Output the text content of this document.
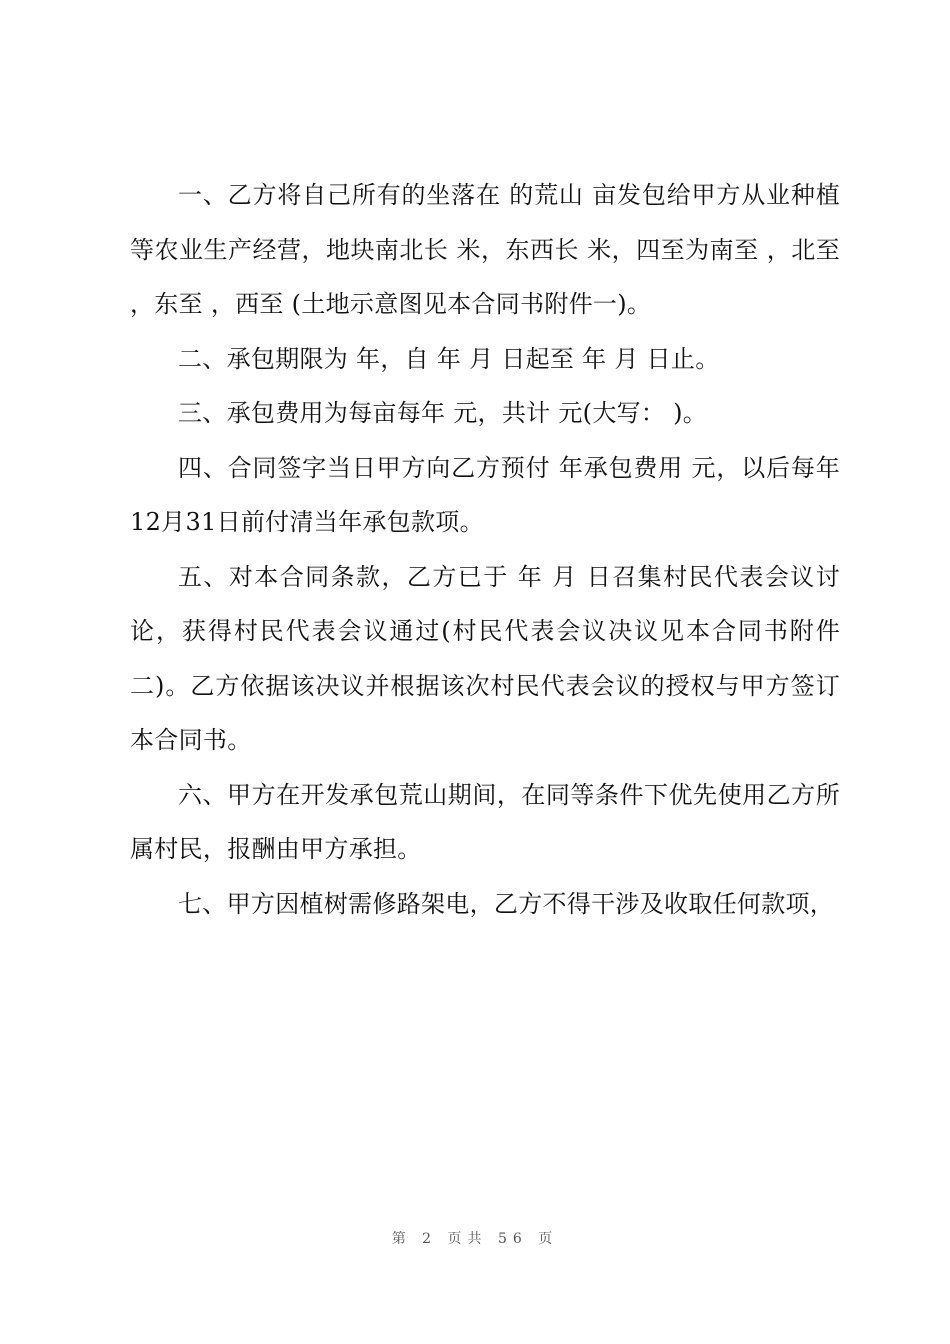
一、乙方将自己所有的坐落在 的荒山 亩发包给甲方从业种植等农业生产经营，地块南北长 米，东西长 米，四至为南至 ，北至 ，东至 ，西至 (土地示意图见本合同书附件一)。

二、承包期限为 年，自 年 月 日起至 年 月 日止。

三、承包费用为每亩每年 元，共计 元(大写： )。

四、合同签字当日甲方向乙方预付 年承包费用 元，以后每年12月31日前付清当年承包款项。

五、对本合同条款，乙方已于 年 月 日召集村民代表会议讨论，获得村民代表会议通过(村民代表会议决议见本合同书附件二)。乙方依据该决议并根据该次村民代表会议的授权与甲方签订本合同书。

六、甲方在开发承包荒山期间，在同等条件下优先使用乙方所属村民，报酬由甲方承担。

七、甲方因植树需修路架电，乙方不得干涉及收取任何款项，

第 2 页共 56 页
